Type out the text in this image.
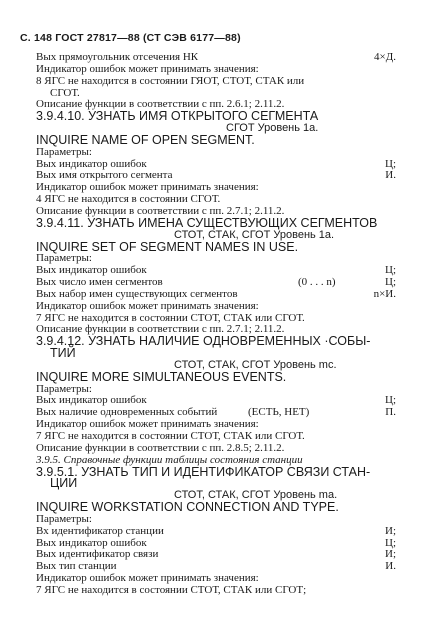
С. 148 ГОСТ 27817—88 (СТ СЭВ 6177—88)
Вых прямоугольник отсечения НК	4×Д.
Индикатор ошибок может принимать значения:
8 ЯГС не находится в состоянии ГЯОТ, СТОТ, СТАК или
СГОТ.
Описание функции в соответствии с пп. 2.6.1; 2.11.2.
3.9.4.10. УЗНАТЬ ИМЯ ОТКРЫТОГО СЕГМЕНТА
СГОТ Уровень 1а.
INQUIRE NAME OF OPEN SEGMENT.
Параметры:
Вых индикатор ошибок	Ц;
Вых имя открытого сегмента	И.
Индикатор ошибок может принимать значения:
4 ЯГС не находится в состоянии СГОТ.
Описание функции в соответствии с пп. 2.7.1; 2.11.2.
3.9.4.11. УЗНАТЬ ИМЕНА СУЩЕСТВУЮЩИХ СЕГМЕНТОВ
СТОТ, СТАК, СГОТ Уровень 1а.
INQUIRE SET OF SEGMENT NAMES IN USE.
Параметры:
Вых индикатор ошибок	Ц;
Вых число имен сегментов	(0 . . . n)	Ц;
Вых набор имен существующих сегментов	n×И.
Индикатор ошибок может принимать значения:
7 ЯГС не находится в состоянии СТОТ, СТАК или СГОТ.
Описание функции в соответствии с пп. 2.7.1; 2.11.2.
3.9.4.12. УЗНАТЬ НАЛИЧИЕ ОДНОВРЕМЕННЫХ ·СОБЫ-
ТИЙ
СТОТ, СТАК, СГОТ Уровень mc.
INQUIRE MORE SIMULTANEOUS EVENTS.
Параметры:
Вых индикатор ошибок	Ц;
Вых наличие одновременных событий	(ЕСТЬ, НЕТ)	П.
Индикатор ошибок может принимать значения:
7 ЯГС не находится в состоянии СТОТ, СТАК или СГОТ.
Описание функции в соответствии с пп. 2.8.5; 2.11.2.
3.9.5. Справочные функции таблицы состояния станции
3.9.5.1. УЗНАТЬ ТИП И ИДЕНТИФИКАТОР СВЯЗИ СТАН-
ЦИИ
СТОТ, СТАК, СГОТ Уровень ma.
INQUIRE WORKSTATION CONNECTION AND TYPE.
Параметры:
Вх идентификатор станции	И;
Вых индикатор ошибок	Ц;
Вых идентификатор связи	И;
Вых тип станции	И.
Индикатор ошибок может принимать значения:
7 ЯГС не находится в состоянии СТОТ, СТАК или СГОТ;
